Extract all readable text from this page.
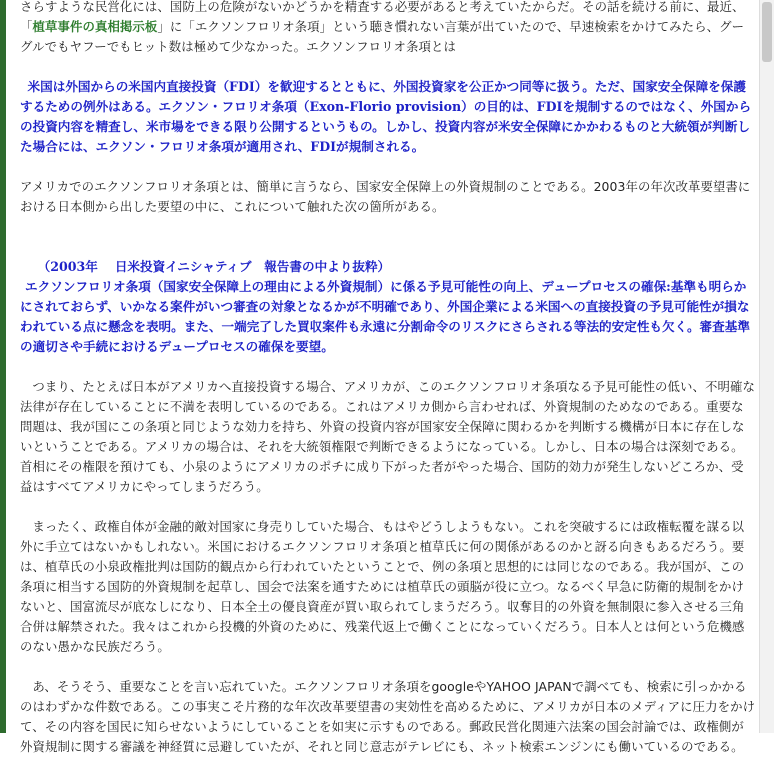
さらすような民営化には、国防上の危険がないかどうかを精査する必要があると考えていたからだ。その話を続ける前に、最近、「植草事件の真相掲示板」に「エクソンフロリオ条項」という聴き慣れない言葉が出ていたので、早速検索をかけてみたら、グーグルでもヤフーでもヒット数は極めて少なかった。エクソンフロリオ条項とは

米国は外国からの米国内直接投資（FDI）を歓迎するとともに、外国投資家を公正かつ同等に扱う。ただ、国家安全保障を保護するための例外はある。エクソン・フロリオ条項（Exon-Florio provision）の目的は、FDIを規制するのではなく、外国からの投資内容を精査し、米市場をできる限り公開するというもの。しかし、投資内容が米安全保障にかかわるものと大統領が判断した場合には、エクソン・フロリオ条項が適用され、FDIが規制される。

アメリカでのエクソンフロリオ条項とは、簡単に言うなら、国家安全保障上の外資規制のことである。2003年の年次改革要望書における日本側から出した要望の中に、これについて触れた次の箇所がある。

（2003年　 日米投資イニシャティブ　報告書の中より抜粋）

エクソンフロリオ条項（国家安全保障上の理由による外資規制）に係る予見可能性の向上、デュープロセスの確保:基準も明らかにされておらず、いかなる案件がいつ審査の対象となるかが不明確であり、外国企業による米国への直接投資の予見可能性が損なわれている点に懸念を表明。また、一端完了した買収案件も永遠に分割命令のリスクにさらされる等法的安定性も欠く。審査基準の適切さや手続におけるデュープロセスの確保を要望。

つまり、たとえば日本がアメリカへ直接投資する場合、アメリカが、このエクソンフロリオ条項なる予見可能性の低い、不明確な法律が存在していることに不満を表明しているのである。これはアメリカ側から言わせれば、外資規制のためなのである。重要な問題は、我が国にこの条項と同じような効力を持ち、外資の投資内容が国家安全保障に関わるかを判断する機構が日本に存在しないということである。アメリカの場合は、それを大統領権限で判断できるようになっている。しかし、日本の場合は深刻である。首相にその権限を預けても、小泉のようにアメリカのポチに成り下がった者がやった場合、国防的効力が発生しないどころか、受益はすべてアメリカにやってしまうだろう。

まったく、政権自体が金融的敵対国家に身売りしていた場合、もはやどうしようもない。これを突破するには政権転覆を謀る以外に手立てはないかもしれない。米国におけるエクソンフロリオ条項と植草氏に何の関係があるのかと訝る向きもあるだろう。要は、植草氏の小泉政権批判は国防的観点から行われていたということで、例の条項と思想的には同じなのである。我が国が、この条項に相当する国防的外資規制を起草し、国会で法案を通すためには植草氏の頭脳が役に立つ。なるべく早急に防衛的規制をかけないと、国富流尽が底なしになり、日本全土の優良資産が買い取られてしまうだろう。収奪目的の外資を無制限に参入させる三角合併は解禁された。我々はこれから投機的外資のために、残業代返上で働くことになっていくだろう。日本人とは何という危機感のない愚かな民族だろう。

あ、そうそう、重要なことを言い忘れていた。エクソンフロリオ条項をgoogleやYAHOO JAPANで調べても、検索に引っかかるのはわずかな件数である。この事実こそ片務的な年次改革要望書の実効性を高めるために、アメリカが日本のメディアに圧力をかけて、その内容を国民に知らせないようにしていることを如実に示すものである。郵政民営化関連六法案の国会討論では、政権側が外資規制に関する審議を神経質に忌避していたが、それと同じ意志がテレビにも、ネット検索エンジンにも働いているのである。
